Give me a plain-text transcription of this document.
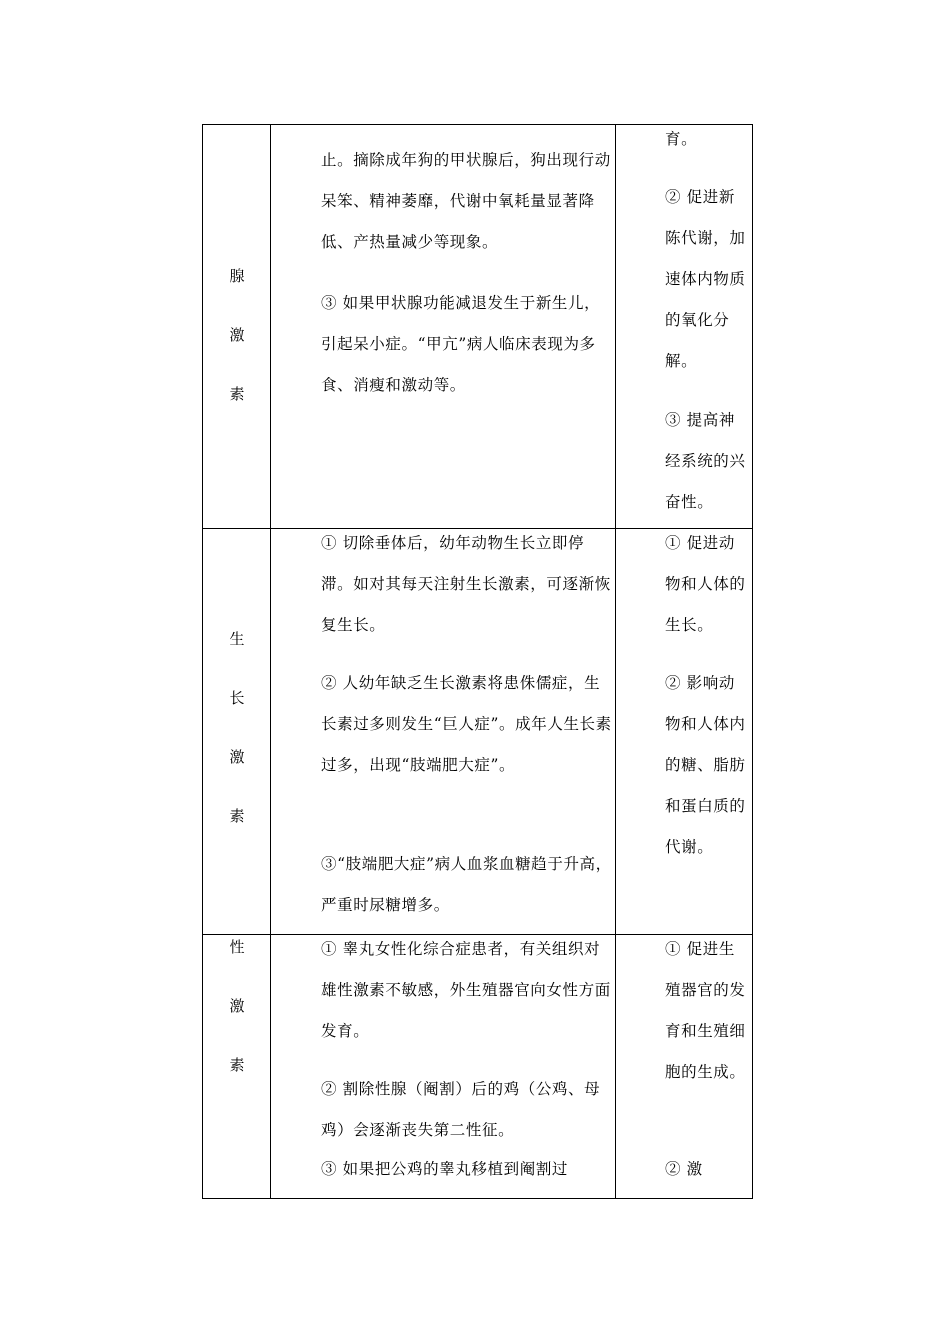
腺
激
素
止。摘除成年狗的甲状腺后，狗出现行动呆笨、精神萎靡，代谢中氧耗量显著降低、产热量减少等现象。
③ 如果甲状腺功能减退发生于新生儿，引起呆小症。“甲亢”病人临床表现为多食、消瘦和激动等。
育。
② 促进新陈代谢，加速体内物质的氧化分解。
③ 提高神经系统的兴奋性。
生
长
激
素
① 切除垂体后，幼年动物生长立即停滞。如对其每天注射生长激素，可逐渐恢复生长。
② 人幼年缺乏生长激素将患侏儒症，生长素过多则发生“巨人症”。成年人生长素过多，出现“肢端肥大症”。
③“肢端肥大症”病人血浆血糖趋于升高，严重时尿糖增多。
① 促进动物和人体的生长。
② 影响动物和人体内的糖、脂肪和蛋白质的代谢。
性
激
素
① 睾丸女性化综合症患者，有关组织对雄性激素不敏感，外生殖器官向女性方面发育。
② 割除性腺（阉割）后的鸡（公鸡、母鸡）会逐渐丧失第二性征。
③ 如果把公鸡的睾丸移植到阉割过
① 促进生殖器官的发育和生殖细胞的生成。
② 激
